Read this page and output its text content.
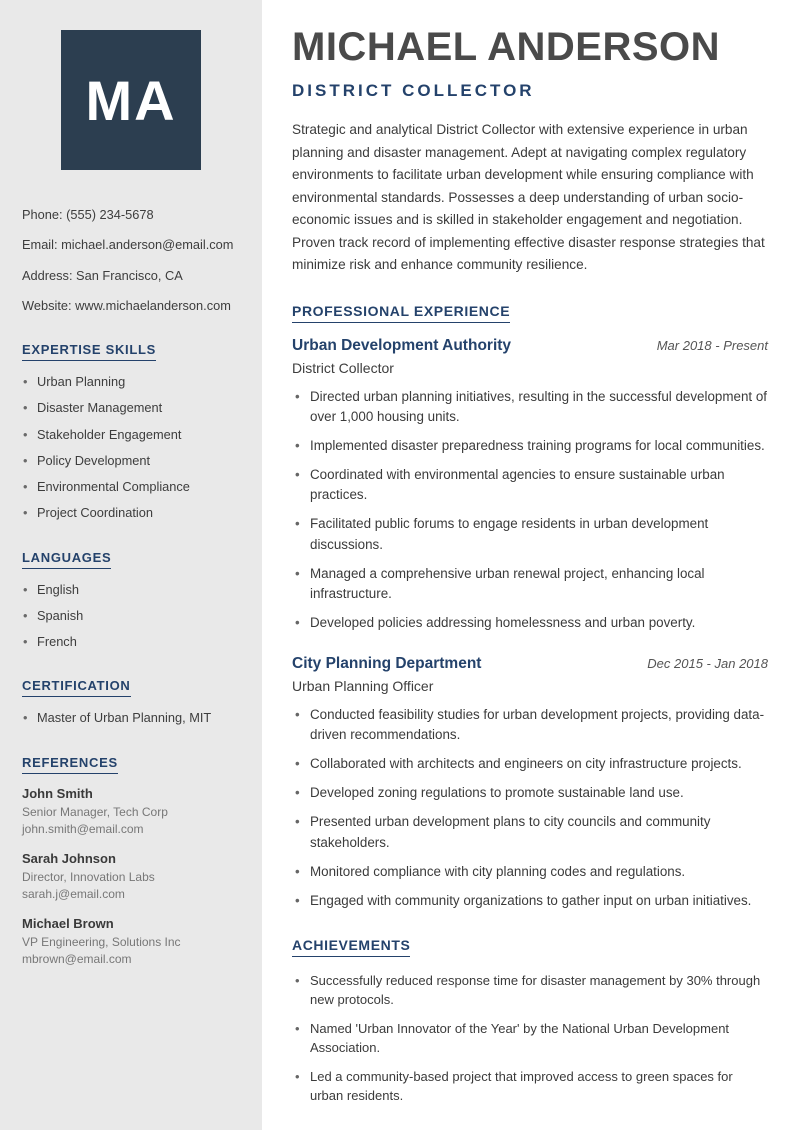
MA
Phone: (555) 234-5678
Email: michael.anderson@email.com
Address: San Francisco, CA
Website: www.michaelanderson.com
EXPERTISE SKILLS
• Urban Planning
• Disaster Management
• Stakeholder Engagement
• Policy Development
• Environmental Compliance
• Project Coordination
LANGUAGES
• English
• Spanish
• French
CERTIFICATION
• Master of Urban Planning, MIT
REFERENCES
John Smith
Senior Manager, Tech Corp
john.smith@email.com
Sarah Johnson
Director, Innovation Labs
sarah.j@email.com
Michael Brown
VP Engineering, Solutions Inc
mbrown@email.com
MICHAEL ANDERSON
DISTRICT COLLECTOR

Strategic and analytical District Collector with extensive experience in urban planning and disaster management. Adept at navigating complex regulatory environments to facilitate urban development while ensuring compliance with environmental standards. Possesses a deep understanding of urban socio-economic issues and is skilled in stakeholder engagement and negotiation. Proven track record of implementing effective disaster response strategies that minimize risk and enhance community resilience.

PROFESSIONAL EXPERIENCE
Urban Development Authority	Mar 2018 - Present
District Collector
• Directed urban planning initiatives, resulting in the successful development of over 1,000 housing units.
• Implemented disaster preparedness training programs for local communities.
• Coordinated with environmental agencies to ensure sustainable urban practices.
• Facilitated public forums to engage residents in urban development discussions.
• Managed a comprehensive urban renewal project, enhancing local infrastructure.
• Developed policies addressing homelessness and urban poverty.
City Planning Department	Dec 2015 - Jan 2018
Urban Planning Officer
• Conducted feasibility studies for urban development projects, providing data-driven recommendations.
• Collaborated with architects and engineers on city infrastructure projects.
• Developed zoning regulations to promote sustainable land use.
• Presented urban development plans to city councils and community stakeholders.
• Monitored compliance with city planning codes and regulations.
• Engaged with community organizations to gather input on urban initiatives.
ACHIEVEMENTS
• Successfully reduced response time for disaster management by 30% through new protocols.
• Named 'Urban Innovator of the Year' by the National Urban Development Association.
• Led a community-based project that improved access to green spaces for urban residents.
